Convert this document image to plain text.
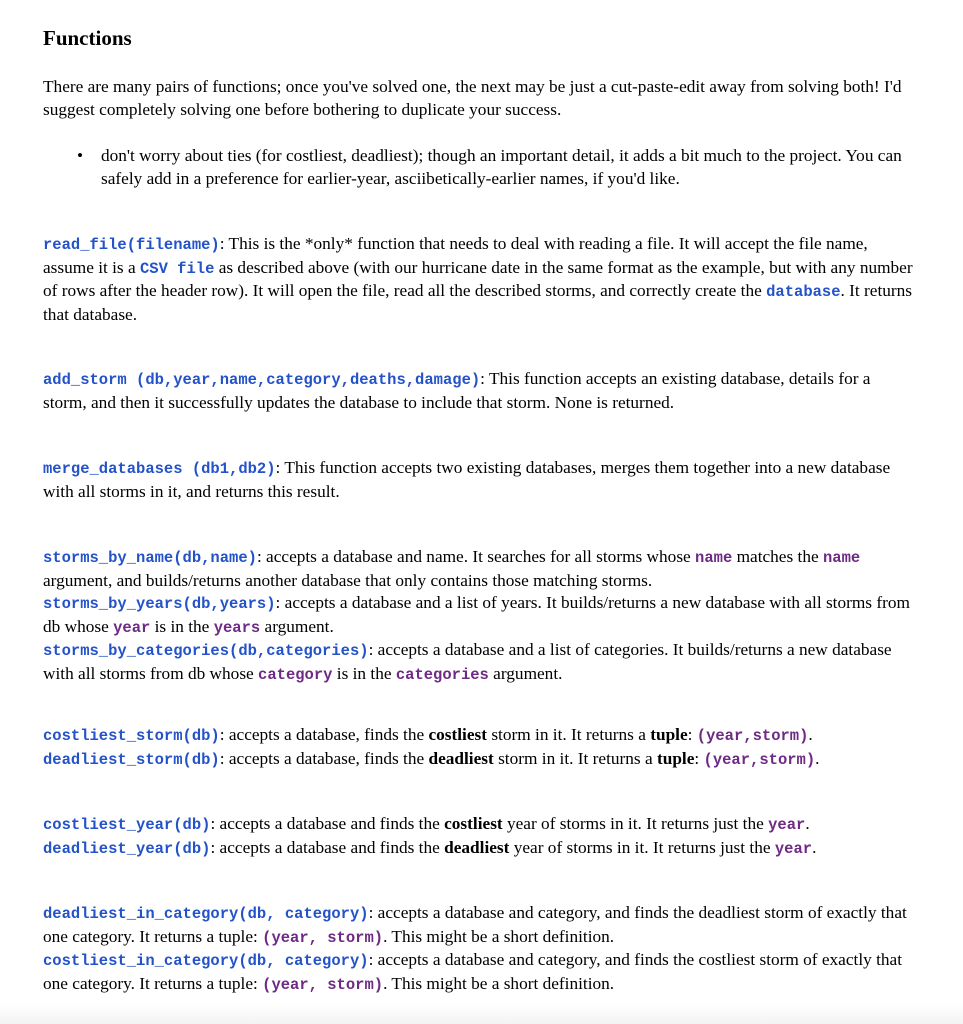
Functions

There are many pairs of functions; once you've solved one, the next may be just a cut-paste-edit away from solving both! I'd suggest completely solving one before bothering to duplicate your success.

• don't worry about ties (for costliest, deadliest); though an important detail, it adds a bit much to the project. You can safely add in a preference for earlier-year, asciibetically-earlier names, if you'd like.

read_file(filename): This is the *only* function that needs to deal with reading a file. It will accept the file name, assume it is a CSV file as described above (with our hurricane date in the same format as the example, but with any number of rows after the header row). It will open the file, read all the described storms, and correctly create the database. It returns that database.

add_storm (db,year,name,category,deaths,damage): This function accepts an existing database, details for a storm, and then it successfully updates the database to include that storm. None is returned.

merge_databases (db1,db2): This function accepts two existing databases, merges them together into a new database with all storms in it, and returns this result.

storms_by_name(db,name): accepts a database and name. It searches for all storms whose name matches the name argument, and builds/returns another database that only contains those matching storms.

storms_by_years(db,years): accepts a database and a list of years. It builds/returns a new database with all storms from db whose year is in the years argument.

storms_by_categories(db,categories): accepts a database and a list of categories. It builds/returns a new database with all storms from db whose category is in the categories argument.

costliest_storm(db): accepts a database, finds the costliest storm in it. It returns a tuple: (year,storm).

deadliest_storm(db): accepts a database, finds the deadliest storm in it. It returns a tuple: (year,storm).

costliest_year(db): accepts a database and finds the costliest year of storms in it. It returns just the year.

deadliest_year(db): accepts a database and finds the deadliest year of storms in it. It returns just the year.

deadliest_in_category(db, category): accepts a database and category, and finds the deadliest storm of exactly that one category. It returns a tuple: (year, storm). This might be a short definition.

costliest_in_category(db, category): accepts a database and category, and finds the costliest storm of exactly that one category. It returns a tuple: (year, storm). This might be a short definition.
